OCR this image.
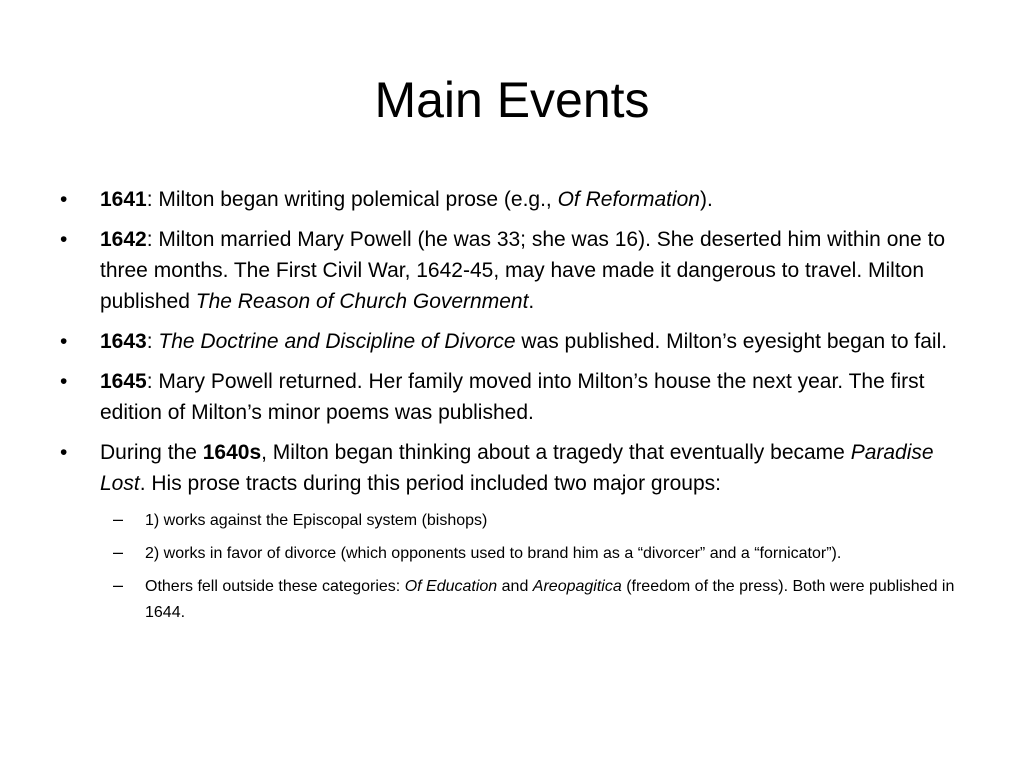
Main Events
•	1641: Milton began writing polemical prose (e.g., Of Reformation).
•	1642: Milton married Mary Powell (he was 33; she was 16). She deserted him within one to three months. The First Civil War, 1642-45, may have made it dangerous to travel. Milton published The Reason of Church Government.
•	1643: The Doctrine and Discipline of Divorce was published. Milton’s eyesight began to fail.
•	1645: Mary Powell returned. Her family moved into Milton’s house the next year. The first edition of Milton’s minor poems was published.
•	During the 1640s, Milton began thinking about a tragedy that eventually became Paradise Lost. His prose tracts during this period included two major groups:
– 1) works against the Episcopal system (bishops)
– 2) works in favor of divorce (which opponents used to brand him as a “divorcer” and a “fornicator”).
– Others fell outside these categories: Of Education and Areopagitica (freedom of the press). Both were published in 1644.
